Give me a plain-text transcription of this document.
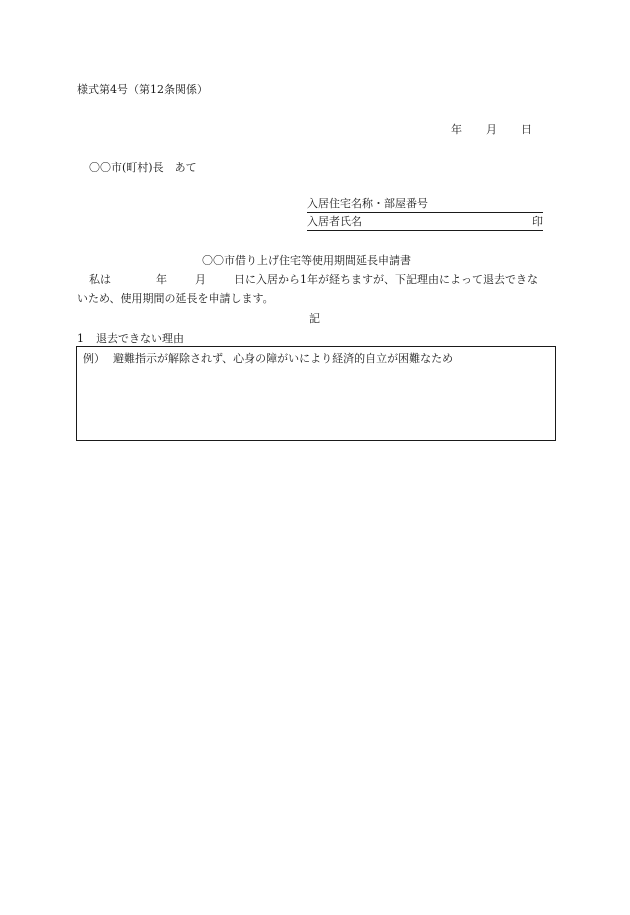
様式第4号（第12条関係）
年 月 日
〇〇市(町村)長　あて
入居住宅名称・部屋番号
入居者氏名	印
〇〇市借り上げ住宅等使用期間延長申請書
私は	年	月	日に入居から1年が経ちますが、下記理由によって退去できな
いため、使用期間の延長を申請します。
記
1 退去できない理由
例） 避難指示が解除されず、心身の障がいにより経済的自立が困難なため
